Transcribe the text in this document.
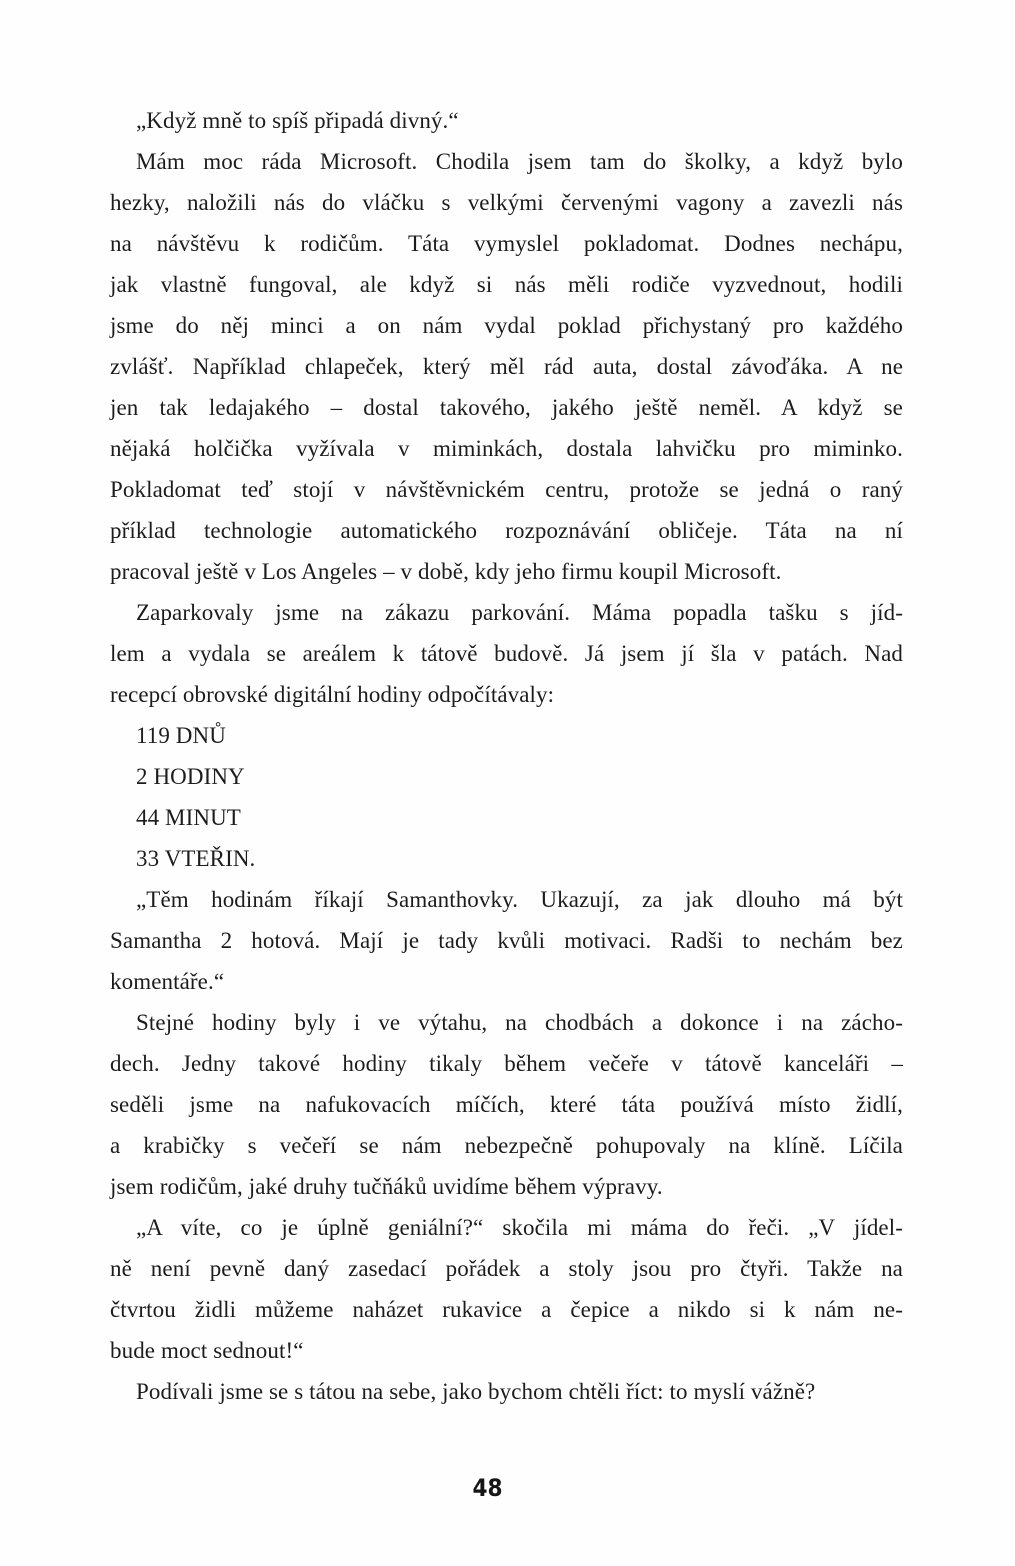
„Když mně to spíš připadá divný.“
Mám moc ráda Microsoft. Chodila jsem tam do školky, a když bylo
hezky, naložili nás do vláčku s velkými červenými vagony a zavezli nás
na návštěvu k rodičům. Táta vymyslel pokladomat. Dodnes nechápu,
jak vlastně fungoval, ale když si nás měli rodiče vyzvednout, hodili
jsme do něj minci a on nám vydal poklad přichystaný pro každého
zvlášť. Například chlapeček, který měl rád auta, dostal závoďáka. A ne
jen tak ledajakého – dostal takového, jakého ještě neměl. A když se
nějaká holčička vyžívala v miminkách, dostala lahvičku pro miminko.
Pokladomat teď stojí v návštěvnickém centru, protože se jedná o raný
příklad technologie automatického rozpoznávání obličeje. Táta na ní
pracoval ještě v Los Angeles – v době, kdy jeho firmu koupil Microsoft.
Zaparkovaly jsme na zákazu parkování. Máma popadla tašku s jíd-
lem a vydala se areálem k tátově budově. Já jsem jí šla v patách. Nad
recepcí obrovské digitální hodiny odpočítávaly:
119 DNŮ
2 HODINY
44 MINUT
33 VTEŘIN.
„Těm hodinám říkají Samanthovky. Ukazují, za jak dlouho má být
Samantha 2 hotová. Mají je tady kvůli motivaci. Radši to nechám bez
komentáře.“
Stejné hodiny byly i ve výtahu, na chodbách a dokonce i na zácho-
dech. Jedny takové hodiny tikaly během večeře v tátově kanceláři –
seděli jsme na nafukovacích míčích, které táta používá místo židlí,
a krabičky s večeří se nám nebezpečně pohupovaly na klíně. Líčila
jsem rodičům, jaké druhy tučňáků uvidíme během výpravy.
„A víte, co je úplně geniální?“ skočila mi máma do řeči. „V jídel-
ně není pevně daný zasedací pořádek a stoly jsou pro čtyři. Takže na
čtvrtou židli můžeme naházet rukavice a čepice a nikdo si k nám ne-
bude moct sednout!“
Podívali jsme se s tátou na sebe, jako bychom chtěli říct: to myslí vážně?
48
